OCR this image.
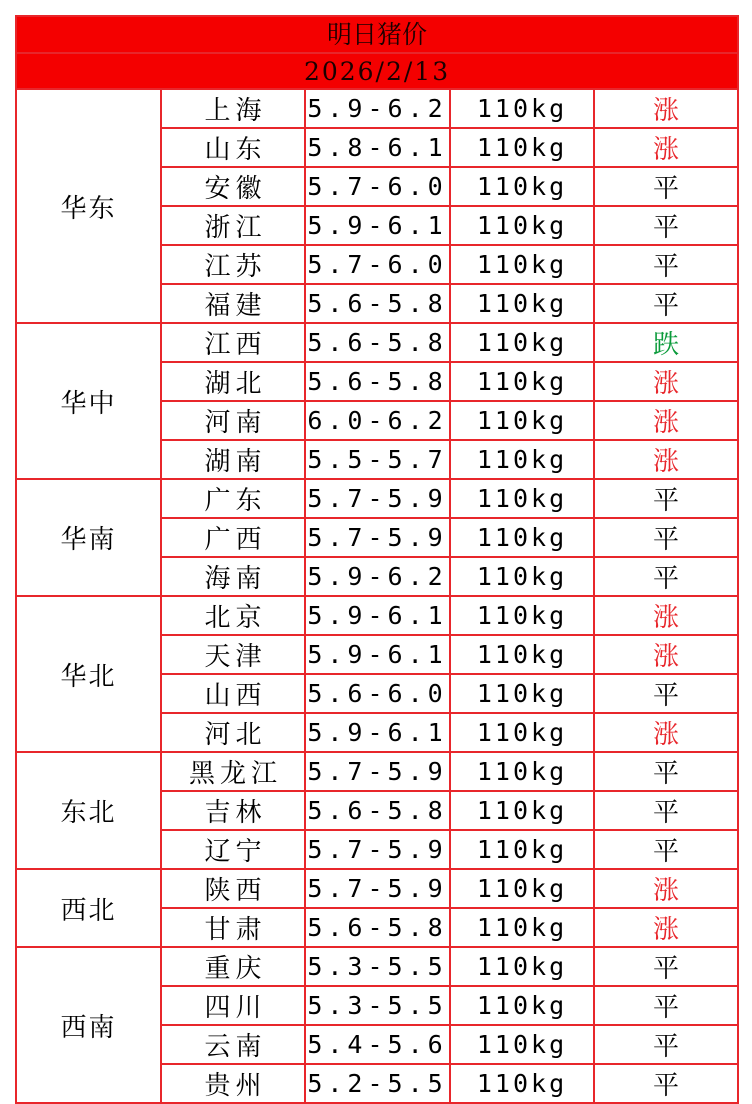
明日猪价				
2026/2/13				
华东	上海	5.9-6.2	110kg	涨
	山东	5.8-6.1	110kg	涨
	安徽	5.7-6.0	110kg	平
	浙江	5.9-6.1	110kg	平
	江苏	5.7-6.0	110kg	平
	福建	5.6-5.8	110kg	平
华中	江西	5.6-5.8	110kg	跌
	湖北	5.6-5.8	110kg	涨
	河南	6.0-6.2	110kg	涨
	湖南	5.5-5.7	110kg	涨
华南	广东	5.7-5.9	110kg	平
	广西	5.7-5.9	110kg	平
	海南	5.9-6.2	110kg	平
华北	北京	5.9-6.1	110kg	涨
	天津	5.9-6.1	110kg	涨
	山西	5.6-6.0	110kg	平
	河北	5.9-6.1	110kg	涨
东北	黑龙江	5.7-5.9	110kg	平
	吉林	5.6-5.8	110kg	平
	辽宁	5.7-5.9	110kg	平
西北	陕西	5.7-5.9	110kg	涨
	甘肃	5.6-5.8	110kg	涨
西南	重庆	5.3-5.5	110kg	平
	四川	5.3-5.5	110kg	平
	云南	5.4-5.6	110kg	平
	贵州	5.2-5.5	110kg	平
